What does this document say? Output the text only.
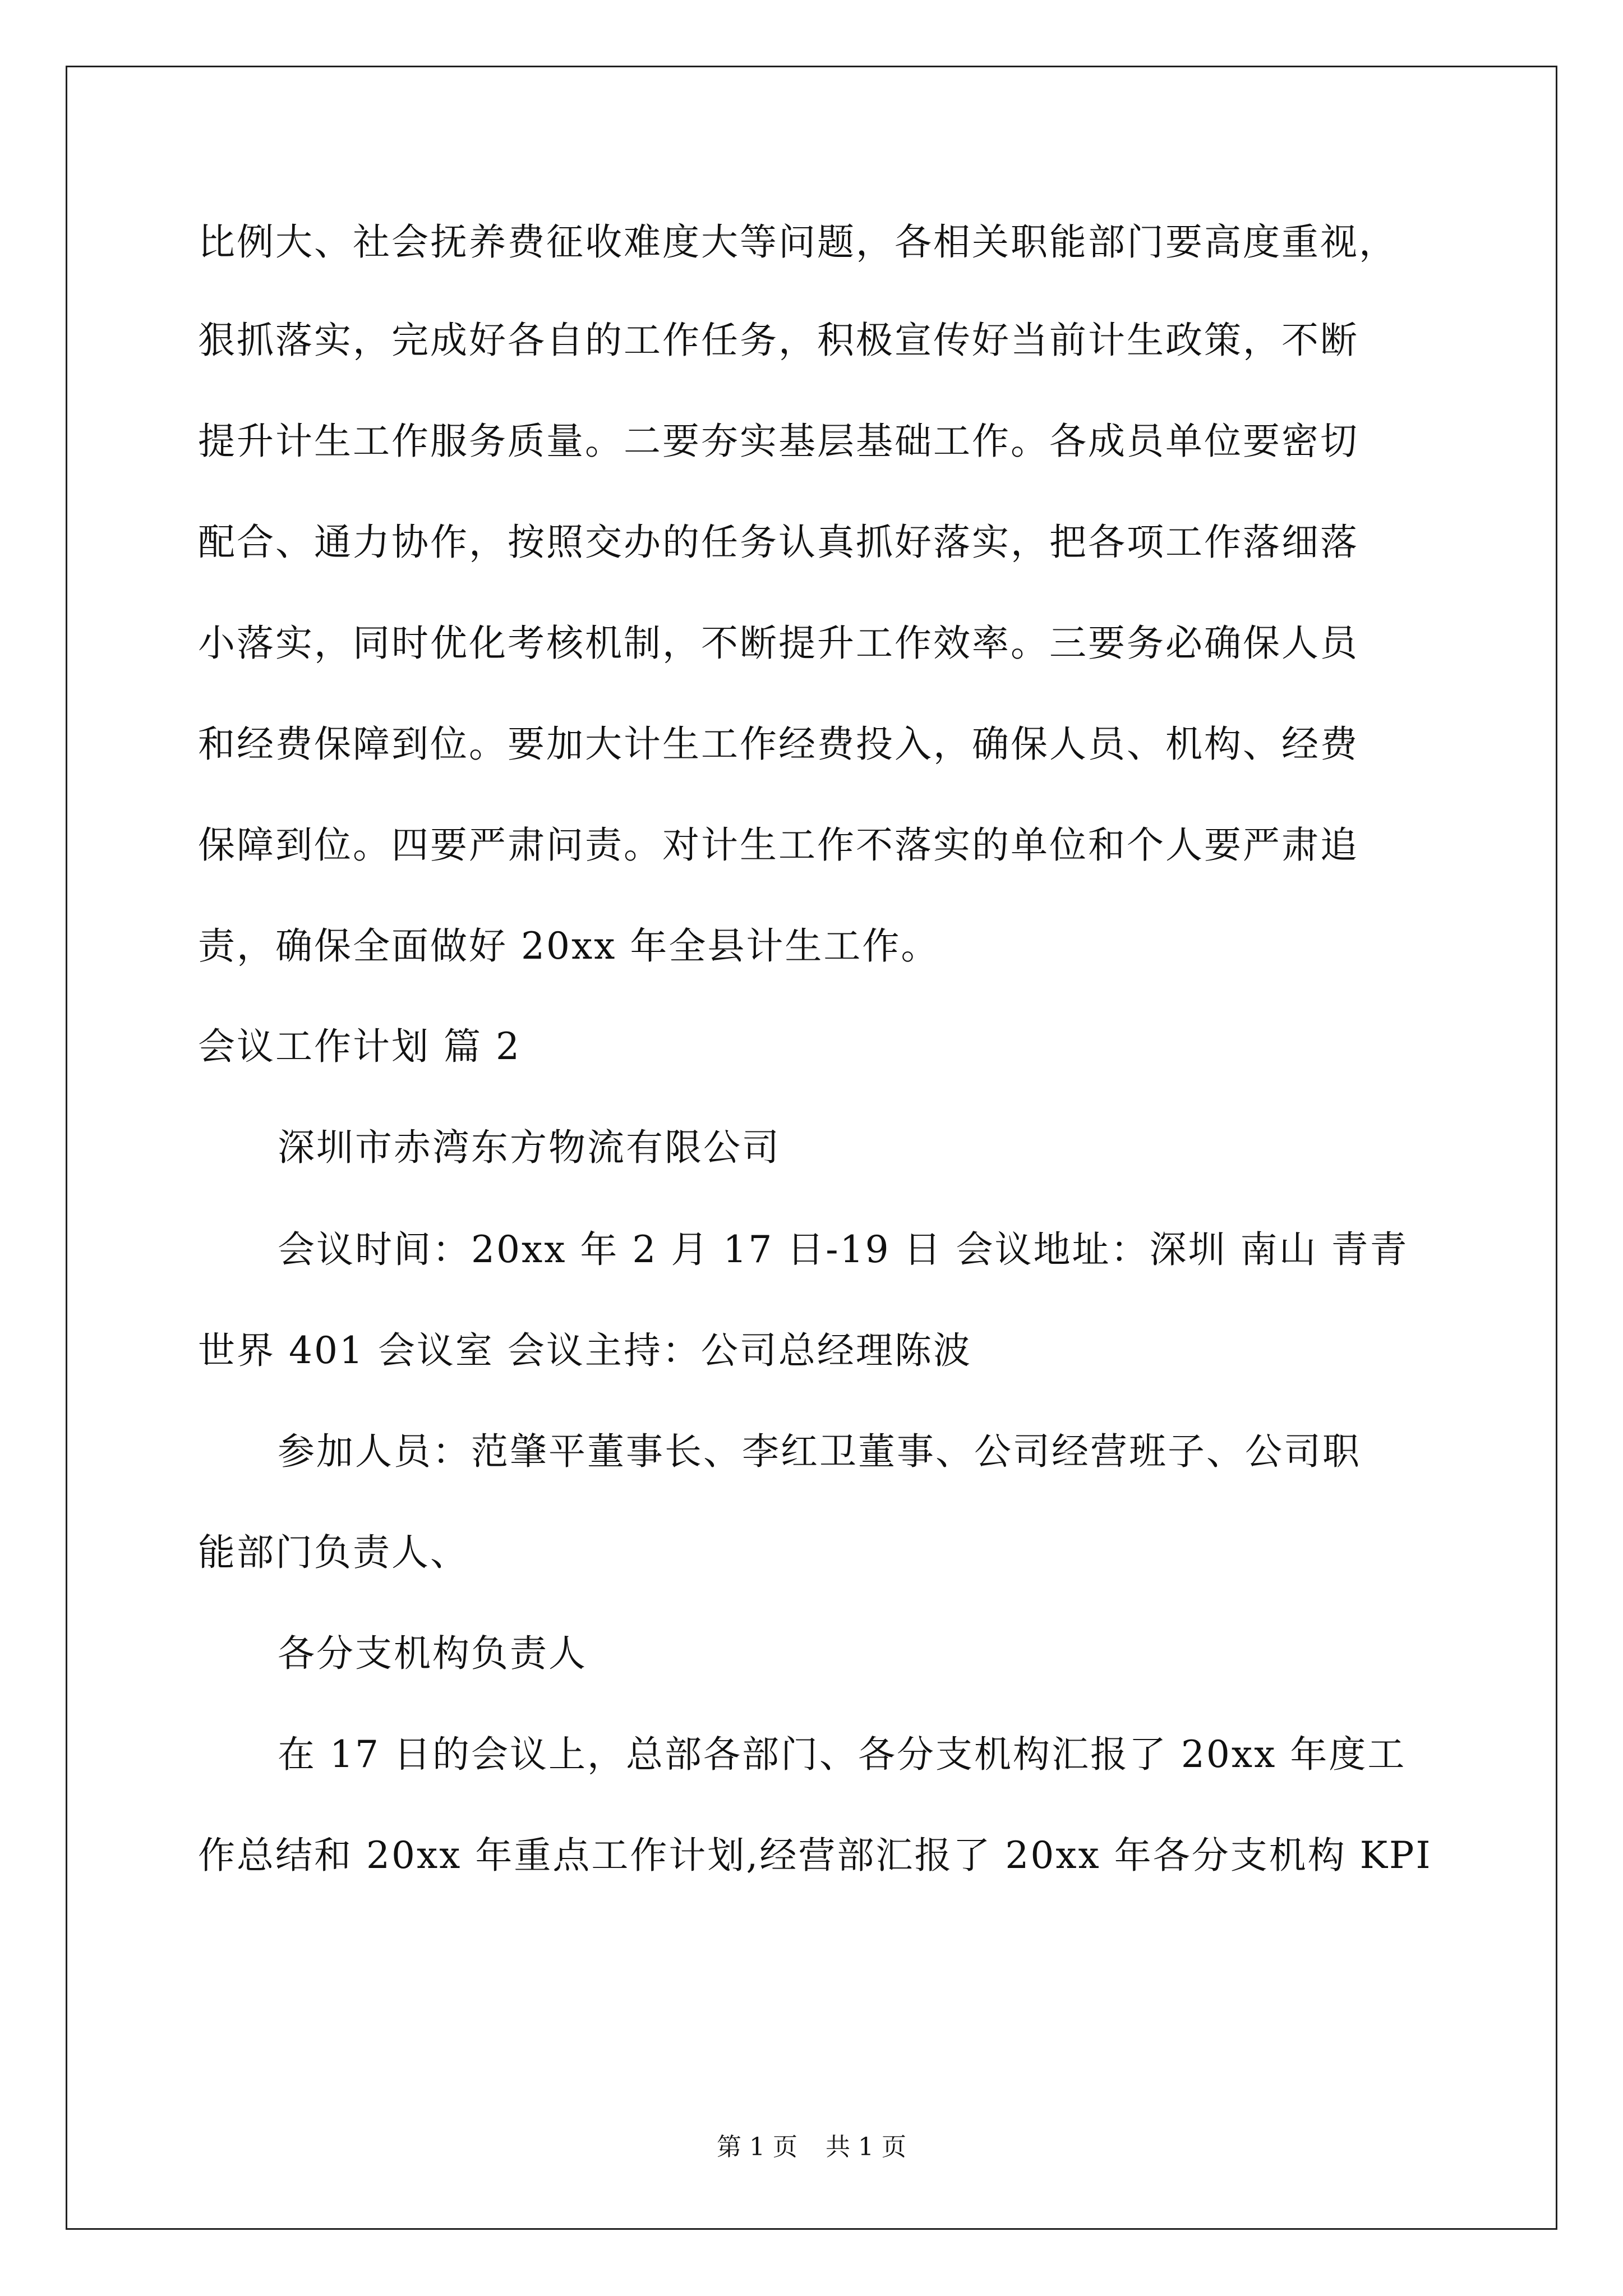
比例大、社会抚养费征收难度大等问题，各相关职能部门要高度重视，

狠抓落实，完成好各自的工作任务，积极宣传好当前计生政策，不断

提升计生工作服务质量。二要夯实基层基础工作。各成员单位要密切

配合、通力协作，按照交办的任务认真抓好落实，把各项工作落细落

小落实，同时优化考核机制，不断提升工作效率。三要务必确保人员

和经费保障到位。要加大计生工作经费投入，确保人员、机构、经费

保障到位。四要严肃问责。对计生工作不落实的单位和个人要严肃追

责，确保全面做好 20xx 年全县计生工作。

会议工作计划 篇 2

深圳市赤湾东方物流有限公司

会议时间：20xx 年 2 月 17 日-19 日 会议地址：深圳 南山 青青

世界 401 会议室 会议主持：公司总经理陈波

参加人员：范肇平董事长、李红卫董事、公司经营班子、公司职

能部门负责人、

各分支机构负责人

在 17 日的会议上，总部各部门、各分支机构汇报了 20xx 年度工

作总结和 20xx 年重点工作计划,经营部汇报了 20xx 年各分支机构 KPI

第 1 页 共 1 页
